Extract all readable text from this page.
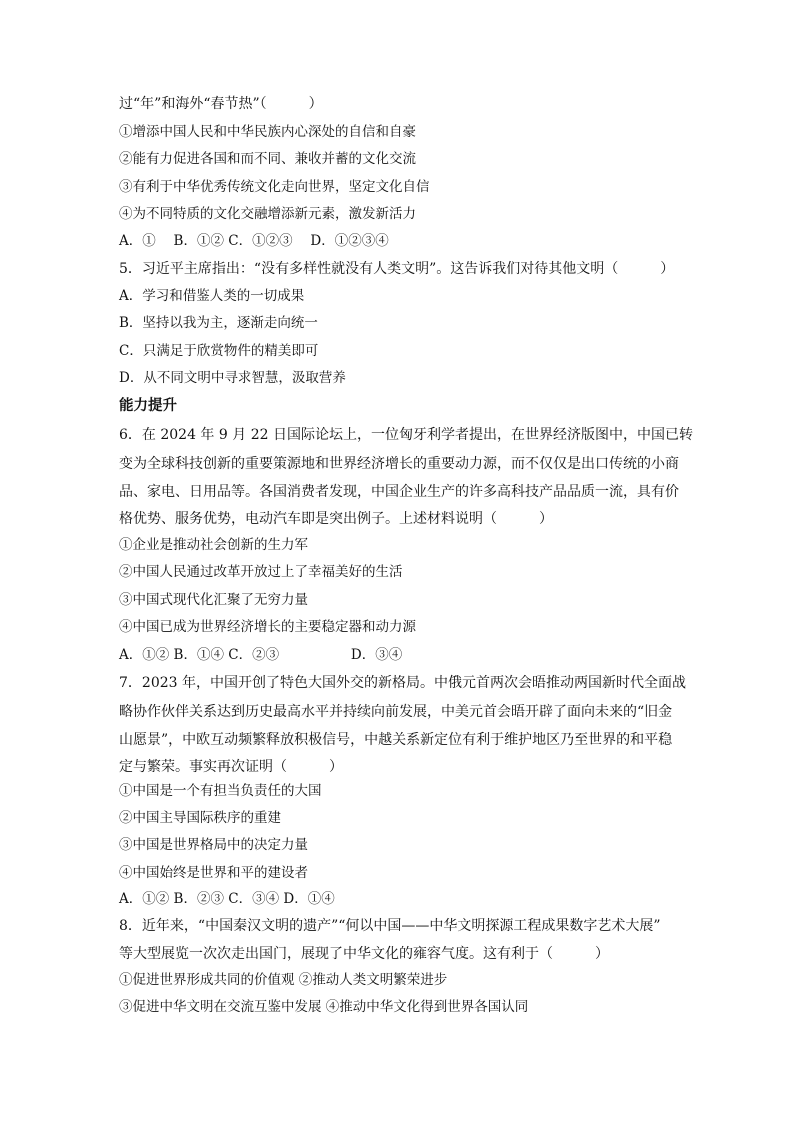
过“年”和海外“春节热”（　　　）
①增添中国人民和中华民族内心深处的自信和自豪
②能有力促进各国和而不同、兼收并蓄的文化交流
③有利于中华优秀传统文化走向世界，坚定文化自信
④为不同特质的文化交融增添新元素，激发新活力
A．①　 B．①② C．①②③　 D．①②③④
5．习近平主席指出：“没有多样性就没有人类文明”。这告诉我们对待其他文明（　　　）
A．学习和借鉴人类的一切成果
B．坚持以我为主，逐渐走向统一
C．只满足于欣赏物件的精美即可
D．从不同文明中寻求智慧，汲取营养
能力提升
6．在 2024 年 9 月 22 日国际论坛上，一位匈牙利学者提出，在世界经济版图中，中国已转
变为全球科技创新的重要策源地和世界经济增长的重要动力源，而不仅仅是出口传统的小商
品、家电、日用品等。各国消费者发现，中国企业生产的许多高科技产品品质一流，具有价
格优势、服务优势，电动汽车即是突出例子。上述材料说明（　　　）
①企业是推动社会创新的生力军
②中国人民通过改革开放过上了幸福美好的生活
③中国式现代化汇聚了无穷力量
④中国已成为世界经济增长的主要稳定器和动力源
A．①② B．①④ C．②③　　　　　 D．③④
7．2023 年，中国开创了特色大国外交的新格局。中俄元首两次会晤推动两国新时代全面战
略协作伙伴关系达到历史最高水平并持续向前发展，中美元首会晤开辟了面向未来的“旧金
山愿景”，中欧互动频繁释放积极信号，中越关系新定位有利于维护地区乃至世界的和平稳
定与繁荣。事实再次证明（　　　）
①中国是一个有担当负责任的大国
②中国主导国际秩序的重建
③中国是世界格局中的决定力量
④中国始终是世界和平的建设者
A．①② B．②③ C．③④ D．①④
8．近年来，“中国秦汉文明的遗产”“何以中国——中华文明探源工程成果数字艺术大展”
等大型展览一次次走出国门，展现了中华文化的雍容气度。这有利于（　　　）
①促进世界形成共同的价值观 ②推动人类文明繁荣进步
③促进中华文明在交流互鉴中发展 ④推动中华文化得到世界各国认同
